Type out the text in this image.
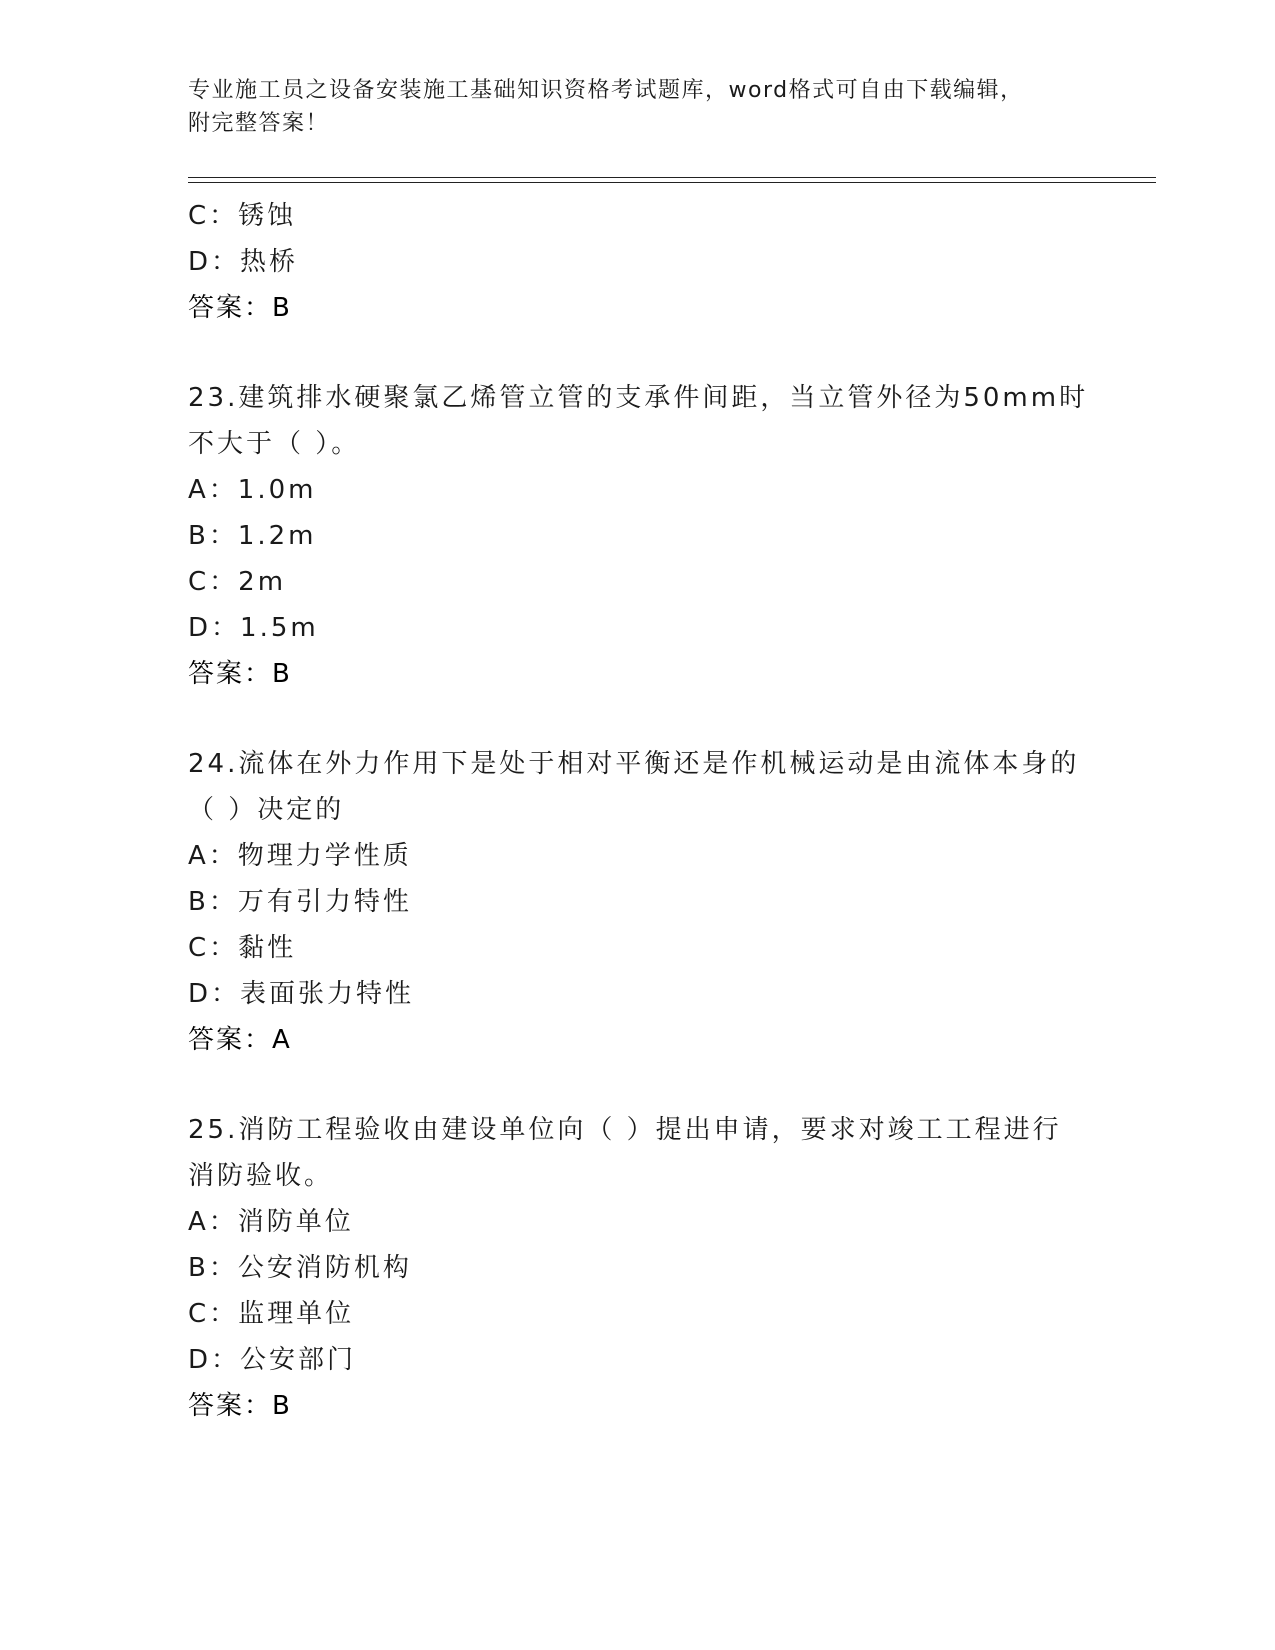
专业施工员之设备安装施工基础知识资格考试题库，word格式可自由下载编辑，
附完整答案！
C：锈蚀
D：热桥
答案：B
23.建筑排水硬聚氯乙烯管立管的支承件间距，当立管外径为50mm时
不大于（ ）。
A：1.0m
B：1.2m
C：2m
D：1.5m
答案：B
24.流体在外力作用下是处于相对平衡还是作机械运动是由流体本身的
（ ）决定的
A：物理力学性质
B：万有引力特性
C：黏性
D：表面张力特性
答案：A
25.消防工程验收由建设单位向（ ）提出申请，要求对竣工工程进行
消防验收。
A：消防单位
B：公安消防机构
C：监理单位
D：公安部门
答案：B
